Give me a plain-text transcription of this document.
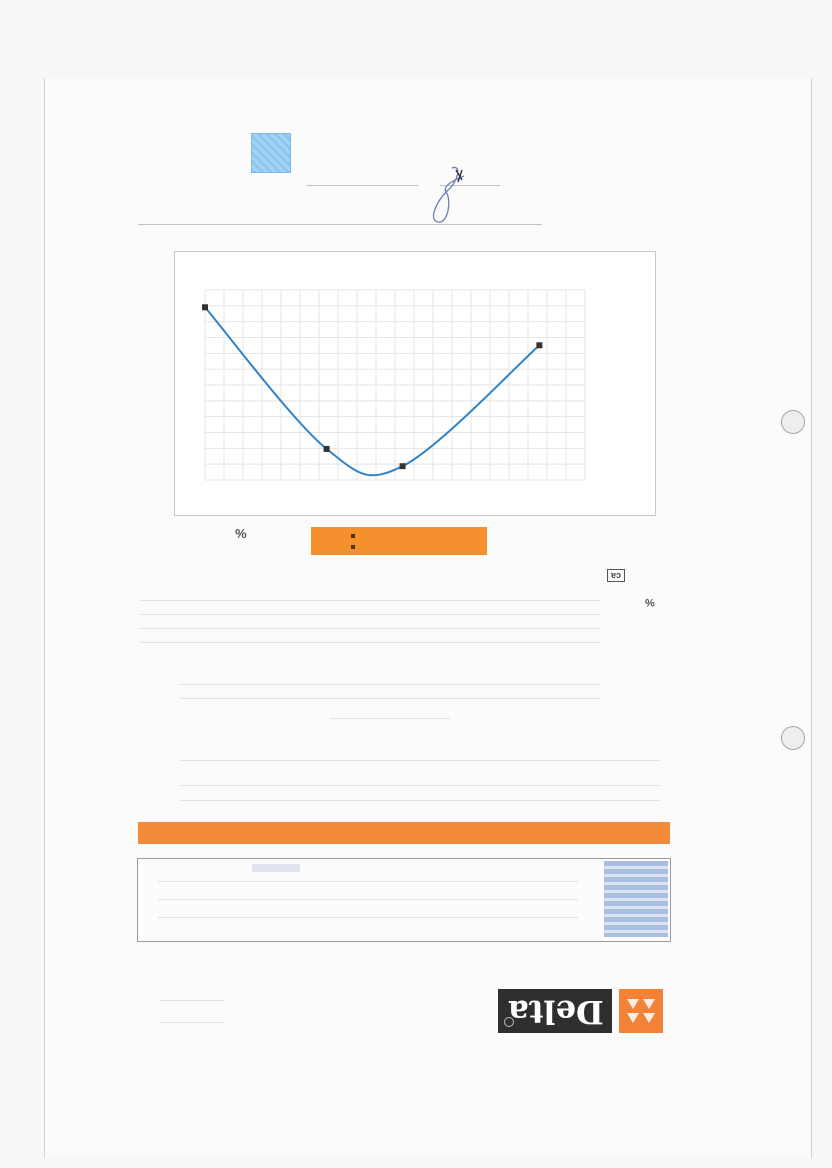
%
ca
%
Delta
